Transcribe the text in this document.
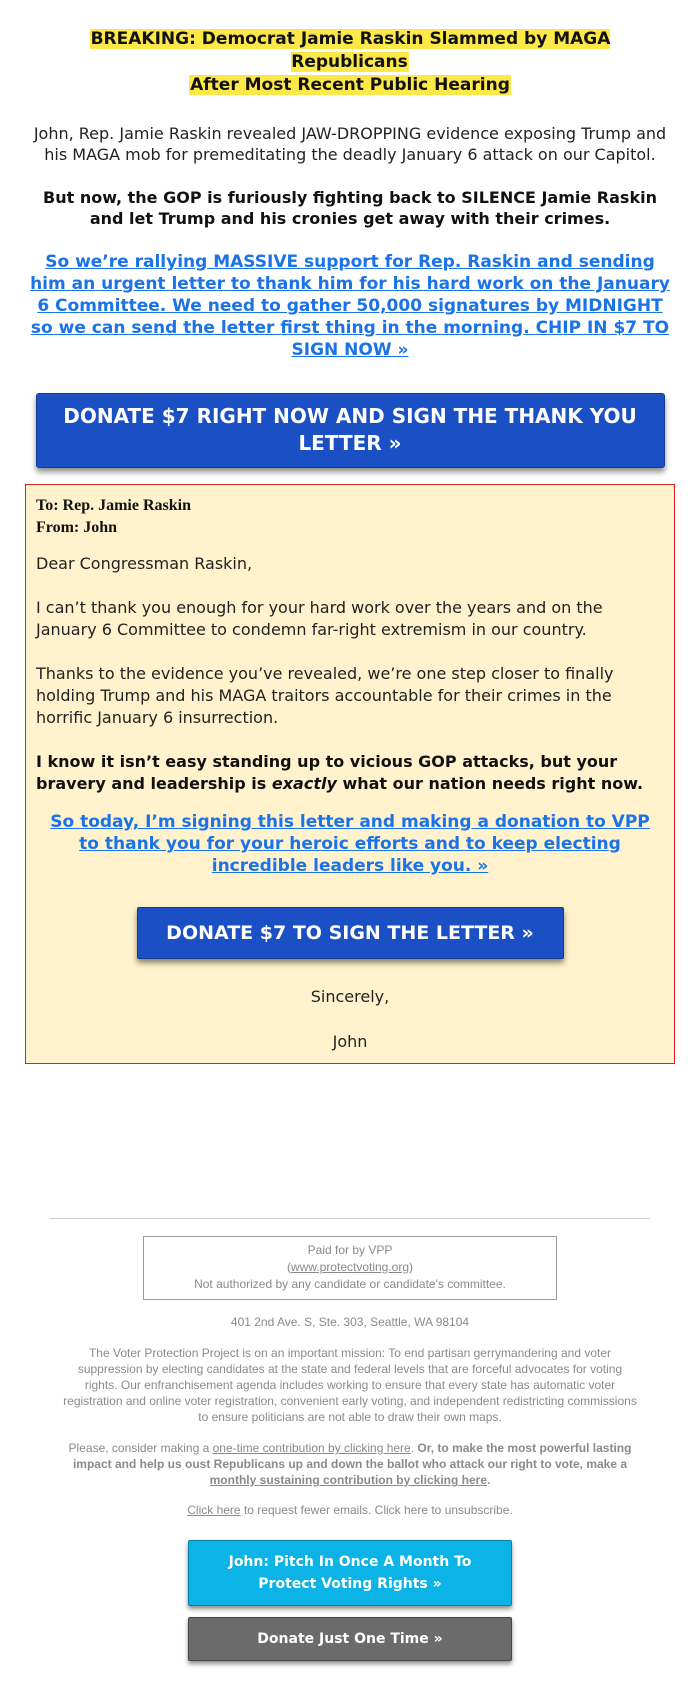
BREAKING: Democrat Jamie Raskin Slammed by MAGA Republicans
After Most Recent Public Hearing
John, Rep. Jamie Raskin revealed JAW-DROPPING evidence exposing Trump and his MAGA mob for premeditating the deadly January 6 attack on our Capitol.
But now, the GOP is furiously fighting back to SILENCE Jamie Raskin and let Trump and his cronies get away with their crimes.
So we’re rallying MASSIVE support for Rep. Raskin and sending him an urgent letter to thank him for his hard work on the January 6 Committee. We need to gather 50,000 signatures by MIDNIGHT so we can send the letter first thing in the morning. CHIP IN $7 TO SIGN NOW »
DONATE $7 RIGHT NOW AND SIGN THE THANK YOU LETTER »
To: Rep. Jamie Raskin
From: John

Dear Congressman Raskin,

I can’t thank you enough for your hard work over the years and on the January 6 Committee to condemn far-right extremism in our country.

Thanks to the evidence you’ve revealed, we’re one step closer to finally holding Trump and his MAGA traitors accountable for their crimes in the horrific January 6 insurrection.

I know it isn’t easy standing up to vicious GOP attacks, but your bravery and leadership is exactly what our nation needs right now.

So today, I’m signing this letter and making a donation to VPP to thank you for your heroic efforts and to keep electing incredible leaders like you. »
DONATE $7 TO SIGN THE LETTER »
Sincerely,
John
Paid for by VPP
(www.protectvoting.org)
Not authorized by any candidate or candidate's committee.
401 2nd Ave. S, Ste. 303, Seattle, WA 98104
The Voter Protection Project is on an important mission: To end partisan gerrymandering and voter suppression by electing candidates at the state and federal levels that are forceful advocates for voting rights. Our enfranchisement agenda includes working to ensure that every state has automatic voter registration and online voter registration, convenient early voting, and independent redistricting commissions to ensure politicians are not able to draw their own maps.
Please, consider making a one-time contribution by clicking here. Or, to make the most powerful lasting impact and help us oust Republicans up and down the ballot who attack our right to vote, make a monthly sustaining contribution by clicking here.
Click here to request fewer emails. Click here to unsubscribe.
John: Pitch In Once A Month To Protect Voting Rights »
Donate Just One Time »
